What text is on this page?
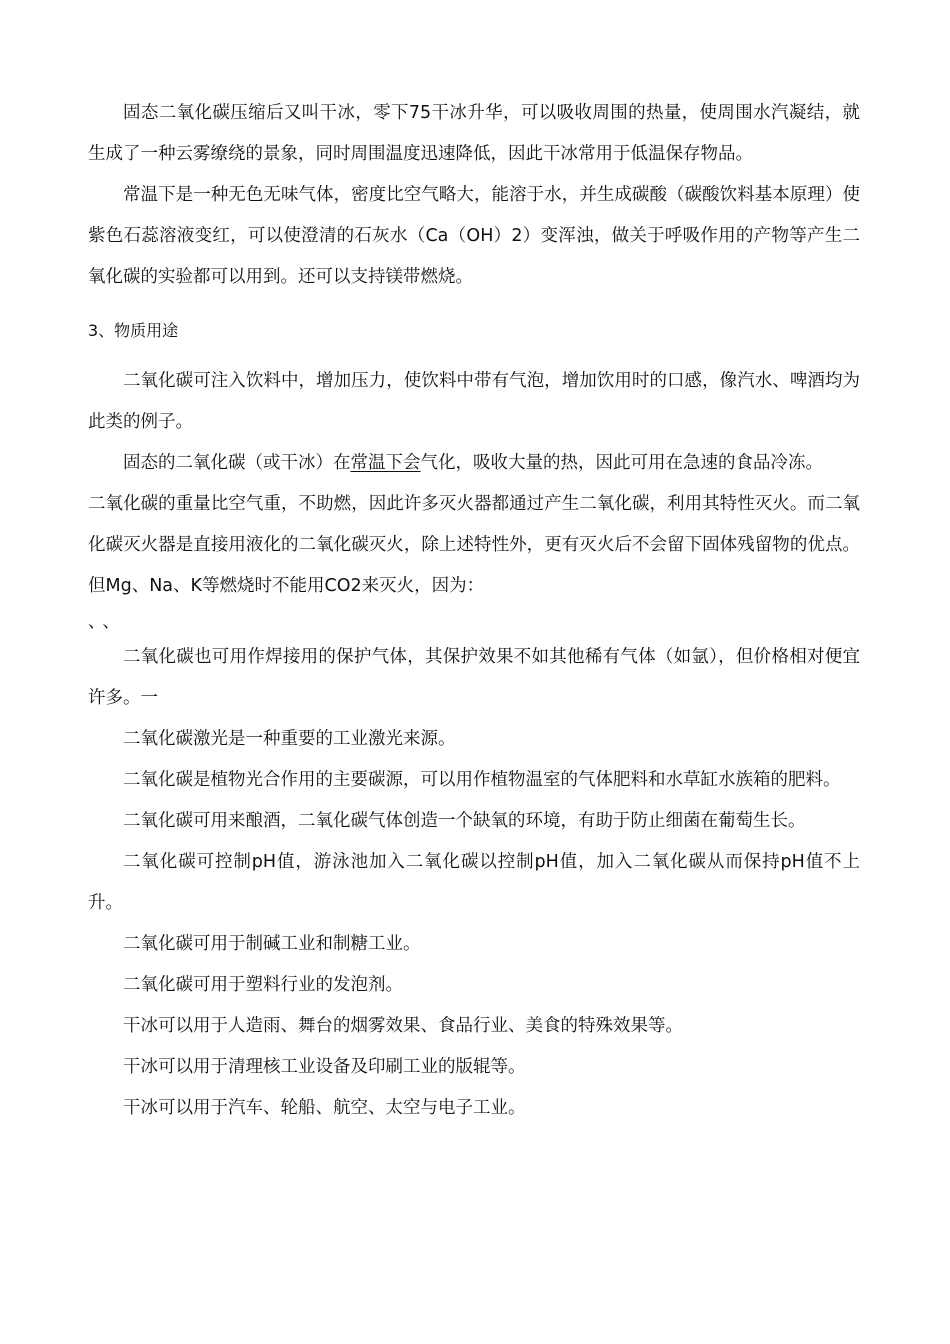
固态二氧化碳压缩后又叫干冰，零下75干冰升华，可以吸收周围的热量，使周围水汽凝结，就生成了一种云雾缭绕的景象，同时周围温度迅速降低，因此干冰常用于低温保存物品。

常温下是一种无色无味气体，密度比空气略大，能溶于水，并生成碳酸（碳酸饮料基本原理）使紫色石蕊溶液变红，可以使澄清的石灰水（Ca（OH）2）变浑浊，做关于呼吸作用的产物等产生二氧化碳的实验都可以用到。还可以支持镁带燃烧。

3、物质用途

二氧化碳可注入饮料中，增加压力，使饮料中带有气泡，增加饮用时的口感，像汽水、啤酒均为此类的例子。

固态的二氧化碳（或干冰）在常温下会气化，吸收大量的热，因此可用在急速的食品冷冻。

二氧化碳的重量比空气重，不助燃，因此许多灭火器都通过产生二氧化碳，利用其特性灭火。而二氧化碳灭火器是直接用液化的二氧化碳灭火，除上述特性外，更有灭火后不会留下固体残留物的优点。但Mg、Na、K等燃烧时不能用CO2来灭火，因为：

、、

二氧化碳也可用作焊接用的保护气体，其保护效果不如其他稀有气体（如氩），但价格相对便宜许多。一

二氧化碳激光是一种重要的工业激光来源。

二氧化碳是植物光合作用的主要碳源，可以用作植物温室的气体肥料和水草缸水族箱的肥料。

二氧化碳可用来酿酒，二氧化碳气体创造一个缺氧的环境，有助于防止细菌在葡萄生长。

二氧化碳可控制pH值，游泳池加入二氧化碳以控制pH值，加入二氧化碳从而保持pH值不上升。

二氧化碳可用于制碱工业和制糖工业。

二氧化碳可用于塑料行业的发泡剂。

干冰可以用于人造雨、舞台的烟雾效果、食品行业、美食的特殊效果等。

干冰可以用于清理核工业设备及印刷工业的版辊等。

干冰可以用于汽车、轮船、航空、太空与电子工业。
